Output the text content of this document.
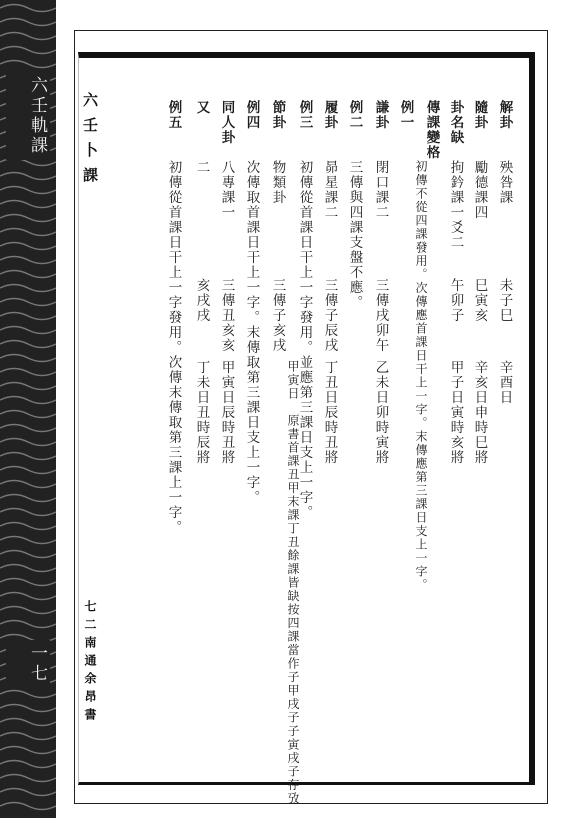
六壬軌課
一七
六壬卜課
七二南通余昂書
解卦
殃咎課
未子巳
辛酉日
隨卦
勵德課四
巳寅亥
辛亥日申時巳將
卦名缺
拘鈐課一爻二
午卯子
甲子日寅時亥將
傳課變格
例一
初傳不從四課發用。次傳應首課日干上一字。末傳應第三課日支上一字。
謙卦
閉口課二
三傳戌卯午
乙未日卯時寅將
例二
三傳與四課支盤不應。
履卦
昴星課二
三傳子辰戌
丁丑日辰時丑將
例三
初傳從首課日干上一字發用。並應第三課日支上一字。
節卦
物類卦
三傳子亥戌
甲寅日　原書首課丑甲末課丁丑餘課皆缺按四課當作子甲戌子子寅戌子存攷
例四
次傳取首課日干上一字。末傳取第三課日支上一字。
同人卦
八專課一
三傳丑亥亥
甲寅日辰時丑將
又
二
亥戌戌
丁未日丑時辰將
例五
初傳從首課日干上一字發用。次傳末傳取第三課上一字。
